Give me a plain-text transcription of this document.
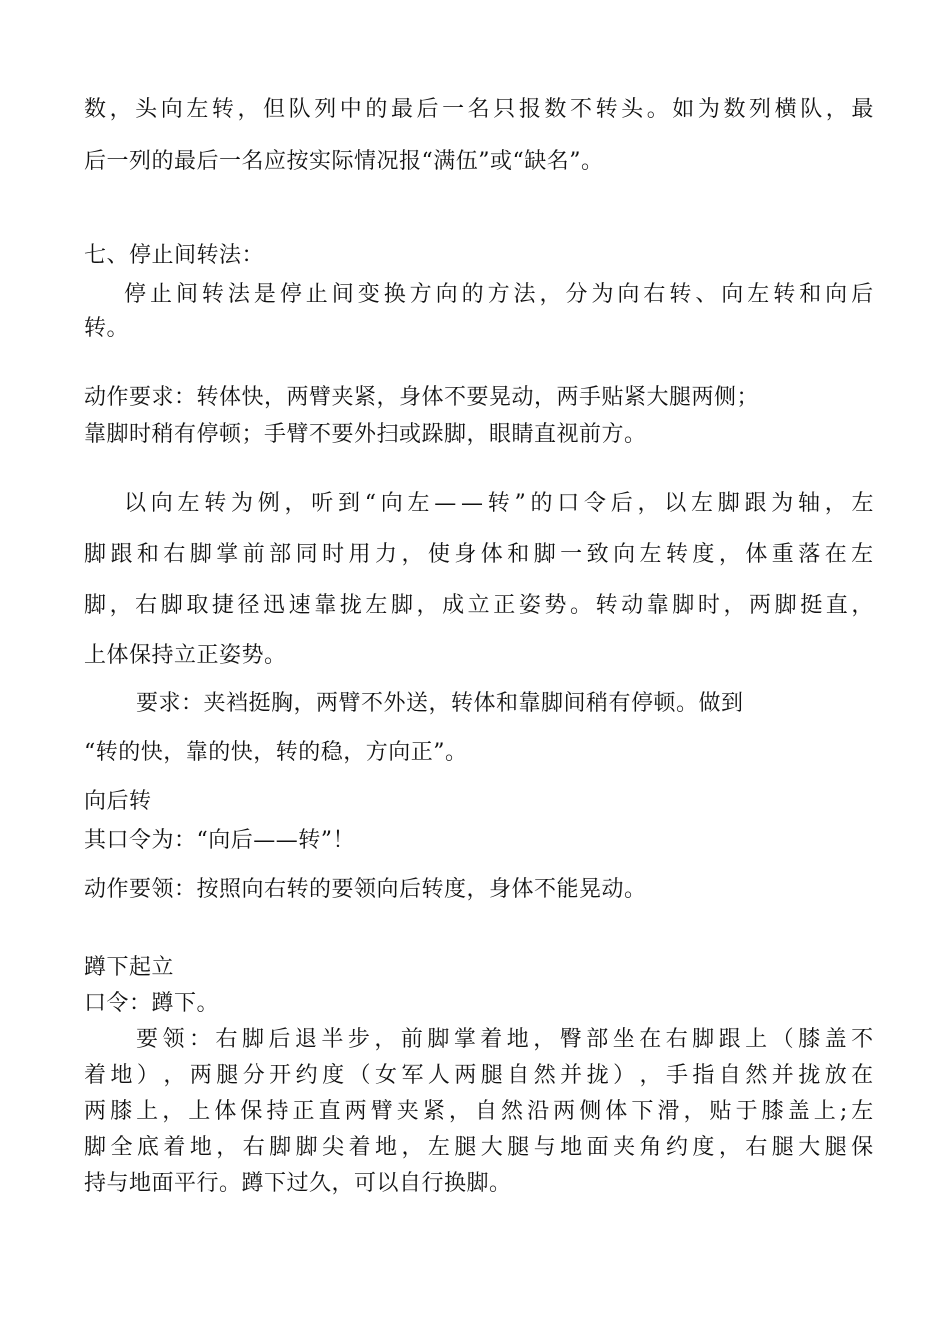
数 ， 头 向 左 转 ， 但 队 列 中 的 最 后 一 名 只 报 数 不 转 头 。 如 为 数 列 横 队 ， 最
后一列的最后一名应按实际情况报“满伍”或“缺名”。
七、停止间转法：
停 止 间 转 法 是 停 止 间 变 换 方 向 的 方 法 ， 分 为 向 右 转 、 向 左 转 和 向 后
转。
动作要求：转体快，两臂夹紧，身体不要晃动，两手贴紧大腿两侧；
靠脚时稍有停顿；手臂不要外扫或跺脚，眼睛直视前方。
以 向 左 转 为 例 ， 听 到 “ 向 左 — — 转 ” 的 口 令 后 ， 以 左 脚 跟 为 轴 ， 左
脚 跟 和 右 脚 掌 前 部 同 时 用 力 ， 使 身 体 和 脚 一 致 向 左 转 度 ， 体 重 落 在 左
脚 ， 右 脚 取 捷 径 迅 速 靠 拢 左 脚 ， 成 立 正 姿 势 。 转 动 靠 脚 时 ， 两 脚 挺 直 ，
上体保持立正姿势。
要求：夹裆挺胸，两臂不外送，转体和靠脚间稍有停顿。做到
“转的快，靠的快，转的稳，方向正”。
向后转
其口令为：“向后——转”！
动作要领：按照向右转的要领向后转度，身体不能晃动。
蹲下起立
口令：蹲下。
要 领 ： 右 脚 后 退 半 步 ， 前 脚 掌 着 地 ， 臀 部 坐 在 右 脚 跟 上 （ 膝 盖 不
着 地 ） ， 两 腿 分 开 约 度 （ 女 军 人 两 腿 自 然 并 拢 ） ， 手 指 自 然 并 拢 放 在
两 膝 上 ， 上 体 保 持 正 直 两 臂 夹 紧 ， 自 然 沿 两 侧 体 下 滑 ， 贴 于 膝 盖 上 ; 左
脚 全 底 着 地 ， 右 脚 脚 尖 着 地 ， 左 腿 大 腿 与 地 面 夹 角 约 度 ， 右 腿 大 腿 保
持与地面平行。蹲下过久，可以自行换脚。
